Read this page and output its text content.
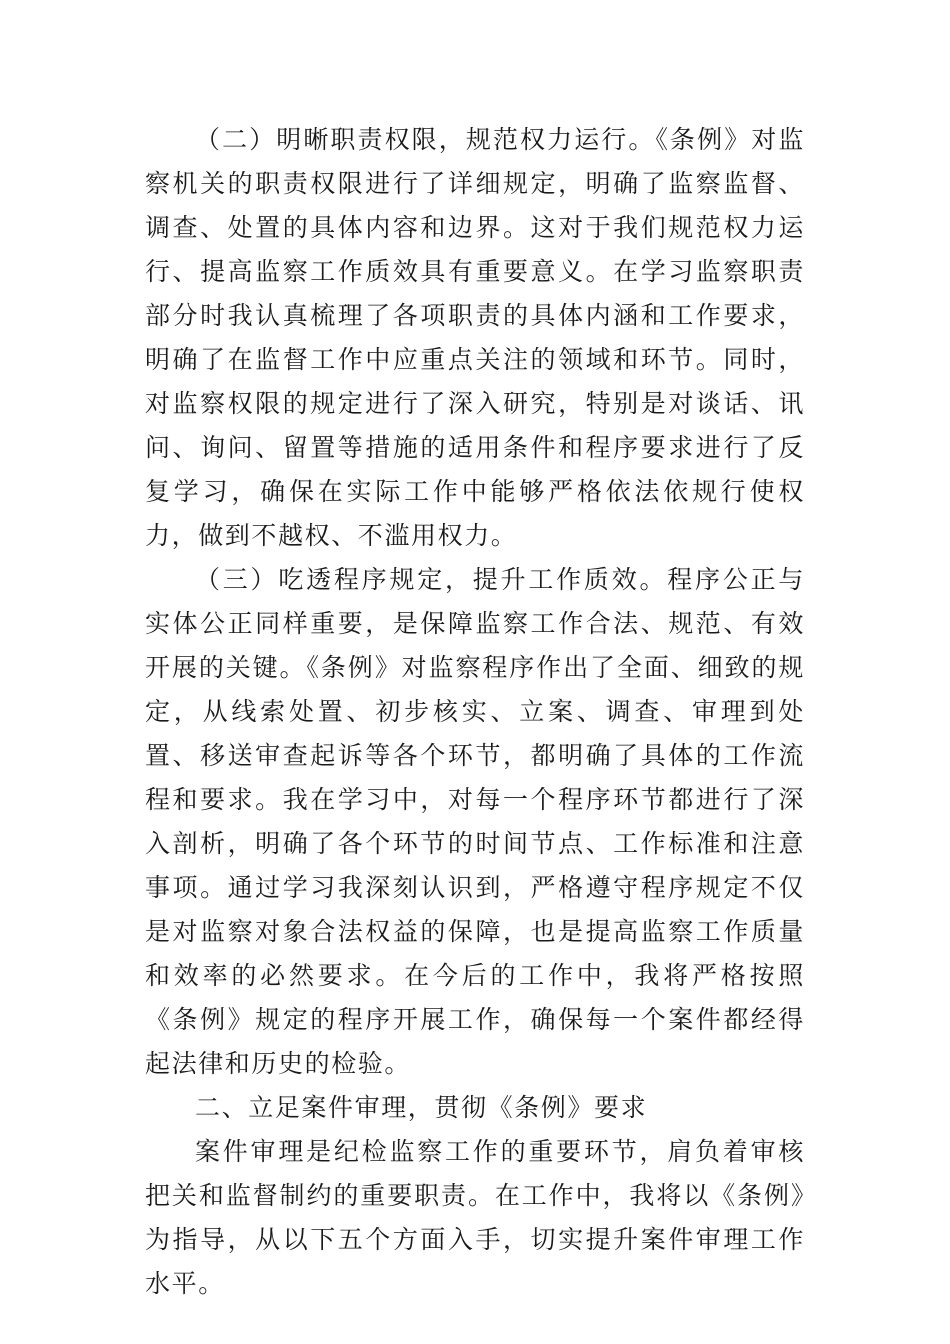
（二）明晰职责权限，规范权力运行。《条例》对监察机关的职责权限进行了详细规定，明确了监察监督、调查、处置的具体内容和边界。这对于我们规范权力运行、提高监察工作质效具有重要意义。在学习监察职责部分时我认真梳理了各项职责的具体内涵和工作要求，明确了在监督工作中应重点关注的领域和环节。同时，对监察权限的规定进行了深入研究，特别是对谈话、讯问、询问、留置等措施的适用条件和程序要求进行了反复学习，确保在实际工作中能够严格依法依规行使权力，做到不越权、不滥用权力。

（三）吃透程序规定，提升工作质效。程序公正与实体公正同样重要，是保障监察工作合法、规范、有效开展的关键。《条例》对监察程序作出了全面、细致的规定，从线索处置、初步核实、立案、调查、审理到处置、移送审查起诉等各个环节，都明确了具体的工作流程和要求。我在学习中，对每一个程序环节都进行了深入剖析，明确了各个环节的时间节点、工作标准和注意事项。通过学习我深刻认识到，严格遵守程序规定不仅是对监察对象合法权益的保障，也是提高监察工作质量和效率的必然要求。在今后的工作中，我将严格按照《条例》规定的程序开展工作，确保每一个案件都经得起法律和历史的检验。

二、立足案件审理，贯彻《条例》要求

案件审理是纪检监察工作的重要环节，肩负着审核把关和监督制约的重要职责。在工作中，我将以《条例》为指导，从以下五个方面入手，切实提升案件审理工作水平。
